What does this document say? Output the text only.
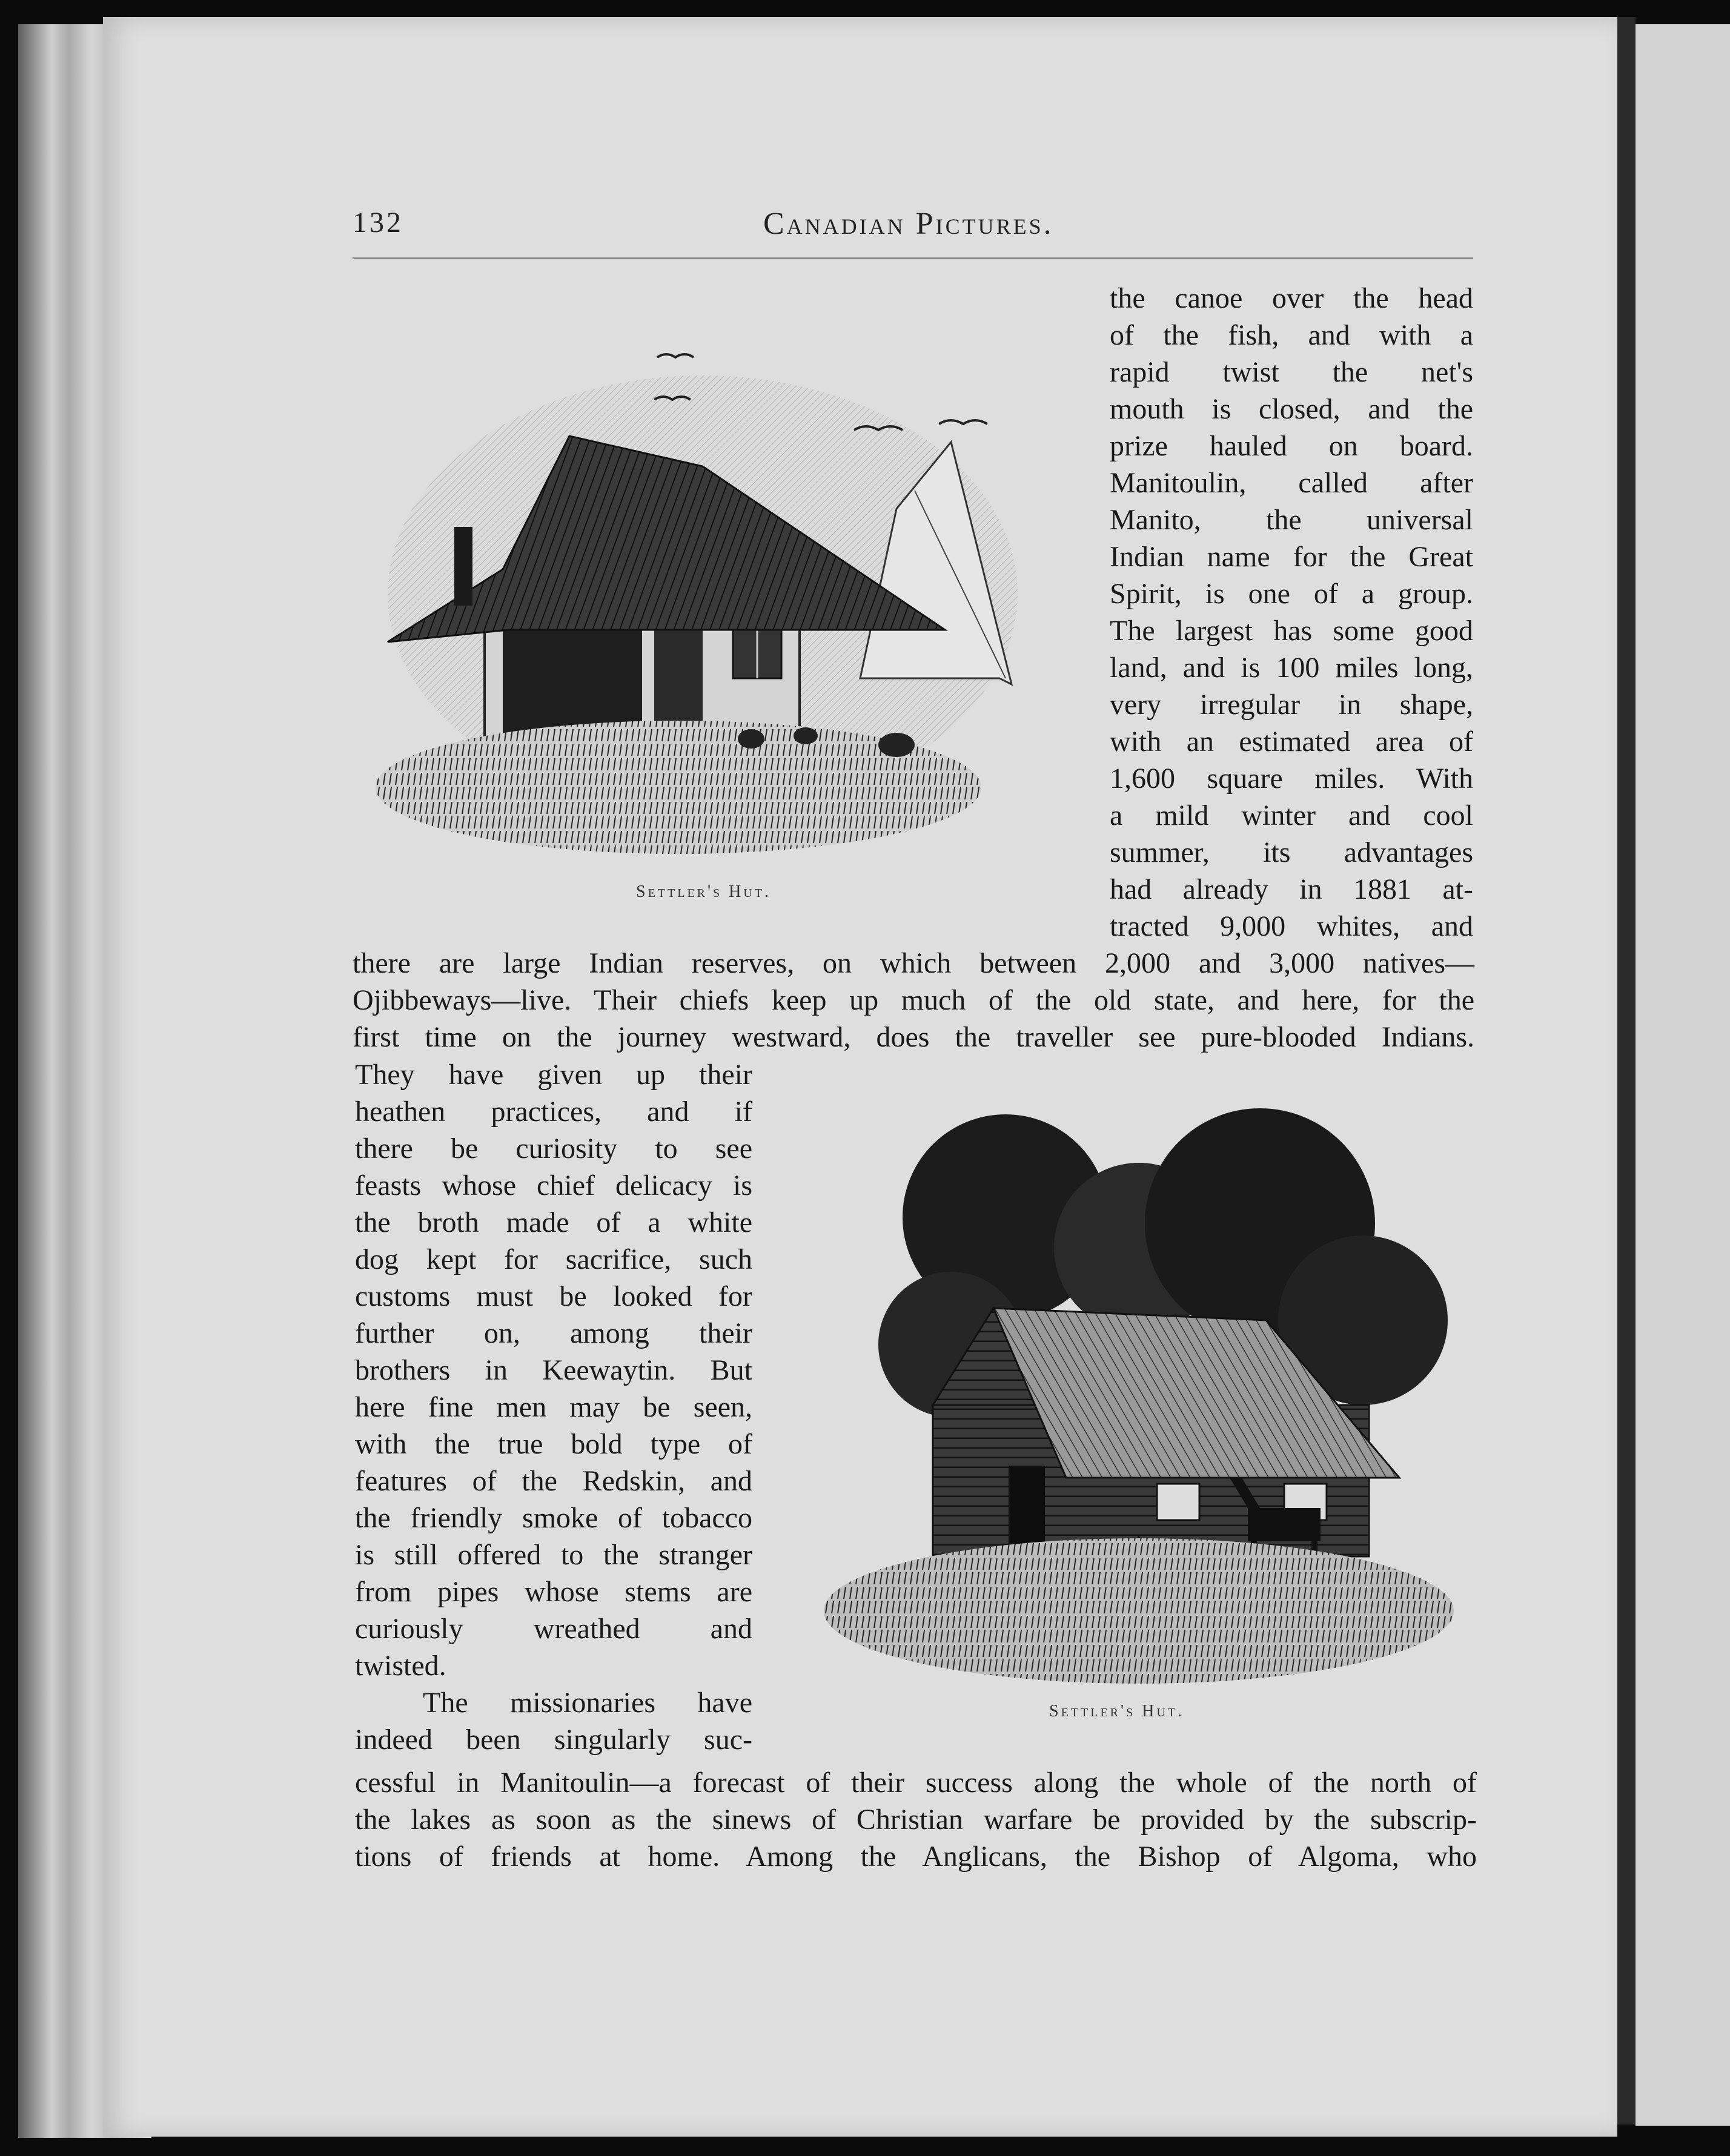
132	Canadian Pictures.
Settler's Hut.
the canoe over the head
of the fish, and with a
rapid twist the net's
mouth is closed, and the
prize hauled on board.
Manitoulin, called after
Manito, the universal
Indian name for the Great
Spirit, is one of a group.
The largest has some good
land, and is 100 miles long,
very irregular in shape,
with an estimated area of
1,600 square miles. With
a mild winter and cool
summer, its advantages
had already in 1881 at-
tracted 9,000 whites, and
there are large Indian reserves, on which between 2,000 and 3,000 natives—
Ojibbeways—live. Their chiefs keep up much of the old state, and here, for the
first time on the journey westward, does the traveller see pure-blooded Indians.
They have given up their
heathen practices, and if
there be curiosity to see
feasts whose chief delicacy is
the broth made of a white
dog kept for sacrifice, such
customs must be looked for
further on, among their
brothers in Keewaytin. But
here fine men may be seen,
with the true bold type of
features of the Redskin, and
the friendly smoke of tobacco
is still offered to the stranger
from pipes whose stems are
curiously wreathed and
twisted.
The missionaries have
indeed been singularly suc-
Settler's Hut.
cessful in Manitoulin—a forecast of their success along the whole of the north of
the lakes as soon as the sinews of Christian warfare be provided by the subscrip-
tions of friends at home. Among the Anglicans, the Bishop of Algoma, who
